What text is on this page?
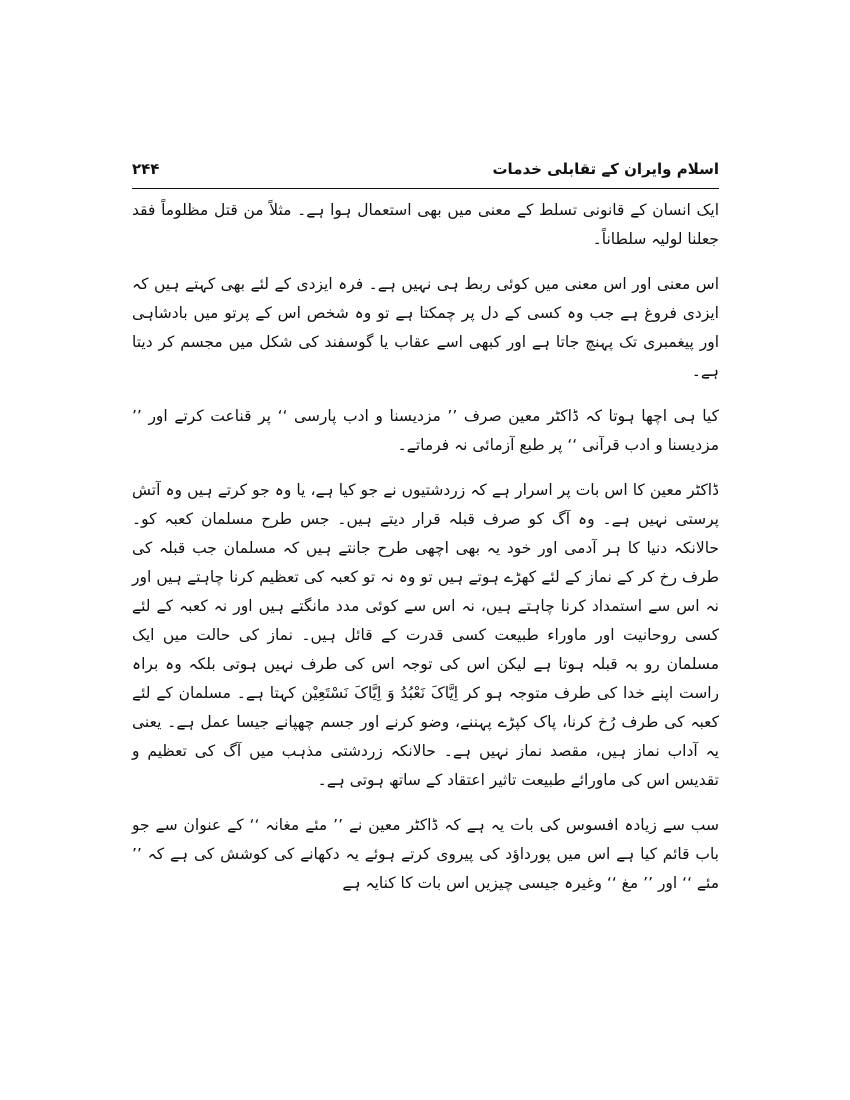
اسلام وایران کے تقابلی خدمات
۲۴۴

ایک انسان کے قانونی تسلط کے معنی میں بھی استعمال ہوا ہے۔ مثلاً من قتل مظلوماً فقد جعلنا لولیہ سلطاناً۔

اس معنی اور اس معنی میں کوئی ربط ہی نہیں ہے۔ فرہ ایزدی کے لئے بھی کہتے ہیں کہ ایزدی فروغ ہے جب وہ کسی کے دل پر چمکتا ہے تو وہ شخص اس کے پرتو میں بادشاہی اور پیغمبری تک پہنچ جاتا ہے اور کبھی اسے عقاب یا گوسفند کی شکل میں مجسم کر دیتا ہے۔

کیا ہی اچھا ہوتا کہ ڈاکٹر معین صرف ’’ مزدیسنا و ادب پارسی ‘‘ پر قناعت کرتے اور ’’ مزدیسنا و ادب قرآنی ‘‘ پر طبع آزمائی نہ فرماتے۔

ڈاکٹر معین کا اس بات پر اسرار ہے کہ زردشتیوں نے جو کیا ہے، یا وہ جو کرتے ہیں وہ آتش پرستی نہیں ہے۔ وہ آگ کو صرف قبلہ قرار دیتے ہیں۔ جس طرح مسلمان کعبہ کو۔ حالانکہ دنیا کا ہر آدمی اور خود یہ بھی اچھی طرح جانتے ہیں کہ مسلمان جب قبلہ کی طرف رخ کر کے نماز کے لئے کھڑے ہوتے ہیں تو وہ نہ تو کعبہ کی تعظیم کرنا چاہتے ہیں اور نہ اس سے استمداد کرنا چاہتے ہیں، نہ اس سے کوئی مدد مانگتے ہیں اور نہ کعبہ کے لئے کسی روحانیت اور ماوراء طبیعت کسی قدرت کے قائل ہیں۔ نماز کی حالت میں ایک مسلمان رو بہ قبلہ ہوتا ہے لیکن اس کی توجہ اس کی طرف نہیں ہوتی بلکہ وہ براہ راست اپنے خدا کی طرف متوجہ ہو کر اِیَّاکَ نَعْبُدُ وَ اِیَّاکَ نَسْتَعِیْن کہتا ہے۔ مسلمان کے لئے کعبہ کی طرف رُخ کرنا، پاک کپڑے پہننے، وضو کرنے اور جسم چھپانے جیسا عمل ہے۔ یعنی یہ آداب نماز ہیں، مقصد نماز نہیں ہے۔ حالانکہ زردشتی مذہب میں آگ کی تعظیم و تقدیس اس کی ماورائے طبیعت تاثیر اعتقاد کے ساتھ ہوتی ہے۔

سب سے زیادہ افسوس کی بات یہ ہے کہ ڈاکٹر معین نے ’’ مئے مغانہ ‘‘ کے عنوان سے جو باب قائم کیا ہے اس میں پورداؤد کی پیروی کرتے ہوئے یہ دکھانے کی کوشش کی ہے کہ ’’ مئے ‘‘ اور ’’ مغ ‘‘ وغیرہ جیسی چیزیں اس بات کا کنایہ ہے
